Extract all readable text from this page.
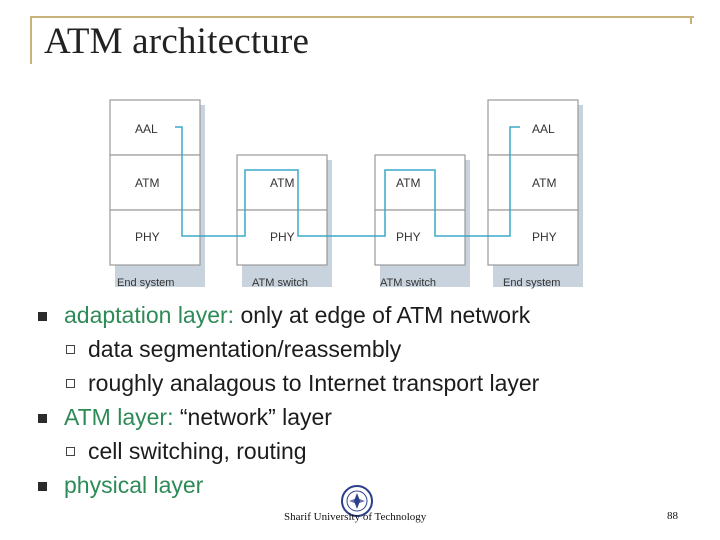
ATM architecture
AAL
ATM
PHY
ATM
PHY
ATM
PHY
AAL
ATM
PHY
End system	ATM switch	ATM switch	End system
adaptation layer: only at edge of ATM network
data segmentation/reassembly
roughly analagous to Internet transport layer
ATM layer: “network” layer
cell switching, routing
physical layer
Sharif University of Technology	88
